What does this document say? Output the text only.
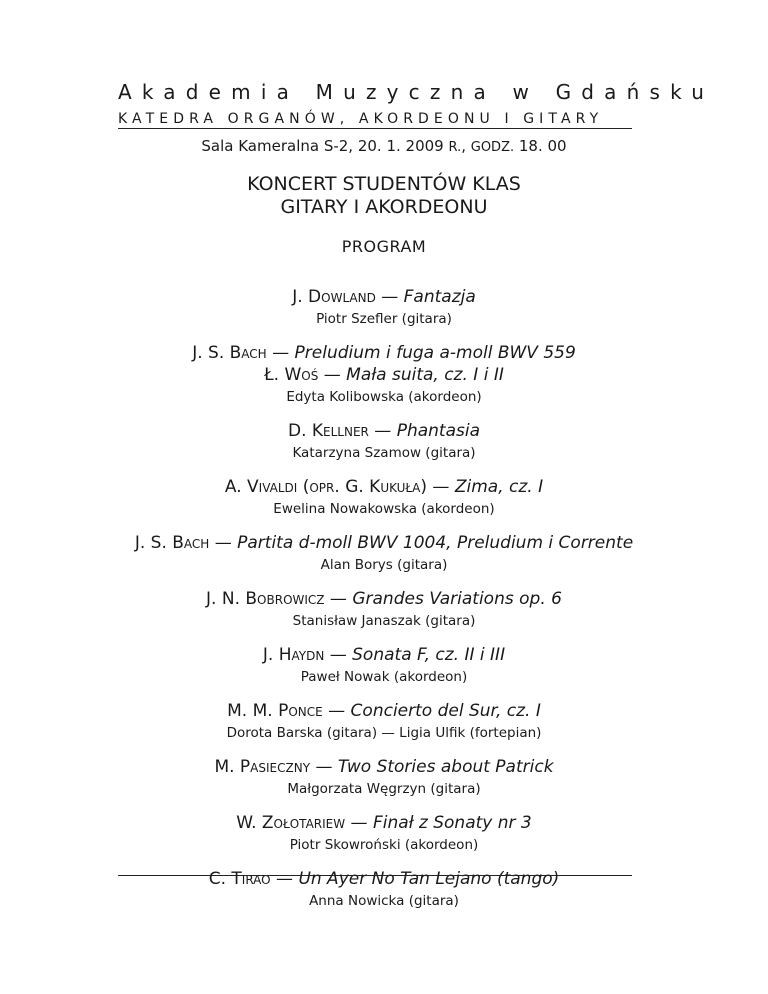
Akademia Muzyczna w Gdańsku
KATEDRA ORGANÓW, AKORDEONU I GITARY
Sala Kameralna S-2, 20. 1. 2009 R., GODZ. 18. 00
KONCERT STUDENTÓW KLAS
GITARY I AKORDEONU
PROGRAM
J. Dowland — Fantazja
Piotr Szefler (gitara)
J. S. Bach — Preludium i fuga a-moll BWV 559
Ł. Woś — Mała suita, cz. I i II
Edyta Kolibowska (akordeon)
D. Kellner — Phantasia
Katarzyna Szamow (gitara)
A. Vivaldi (opr. G. Kukuła) — Zima, cz. I
Ewelina Nowakowska (akordeon)
J. S. Bach — Partita d-moll BWV 1004, Preludium i Corrente
Alan Borys (gitara)
J. N. Bobrowicz — Grandes Variations op. 6
Stanisław Janaszak (gitara)
J. Haydn — Sonata F, cz. II i III
Paweł Nowak (akordeon)
M. M. Ponce — Concierto del Sur, cz. I
Dorota Barska (gitara) — Ligia Ulfik (fortepian)
M. Pasieczny — Two Stories about Patrick
Małgorzata Węgrzyn (gitara)
W. Zołotariew — Finał z Sonaty nr 3
Piotr Skowroński (akordeon)
C. Tirao — Un Ayer No Tan Lejano (tango)
Anna Nowicka (gitara)
